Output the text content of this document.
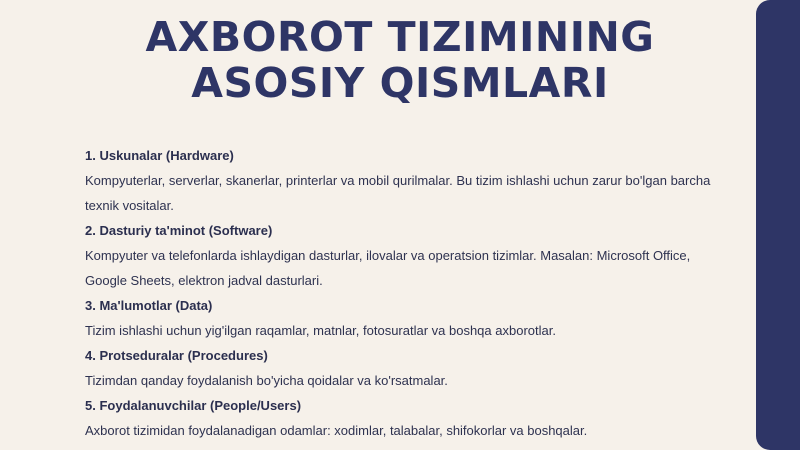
AXBOROT TIZIMINING
ASOSIY QISMLARI

1. Uskunalar (Hardware)

Kompyuterlar, serverlar, skanerlar, printerlar va mobil qurilmalar. Bu tizim ishlashi uchun zarur bo'lgan barcha texnik vositalar.

2. Dasturiy ta'minot (Software)

Kompyuter va telefonlarda ishlaydigan dasturlar, ilovalar va operatsion tizimlar. Masalan: Microsoft Office, Google Sheets, elektron jadval dasturlari.

3. Ma'lumotlar (Data)

Tizim ishlashi uchun yig'ilgan raqamlar, matnlar, fotosuratlar va boshqa axborotlar.

4. Protseduralar (Procedures)

Tizimdan qanday foydalanish bo'yicha qoidalar va ko'rsatmalar.

5. Foydalanuvchilar (People/Users)

Axborot tizimidan foydalanadigan odamlar: xodimlar, talabalar, shifokorlar va boshqalar.
